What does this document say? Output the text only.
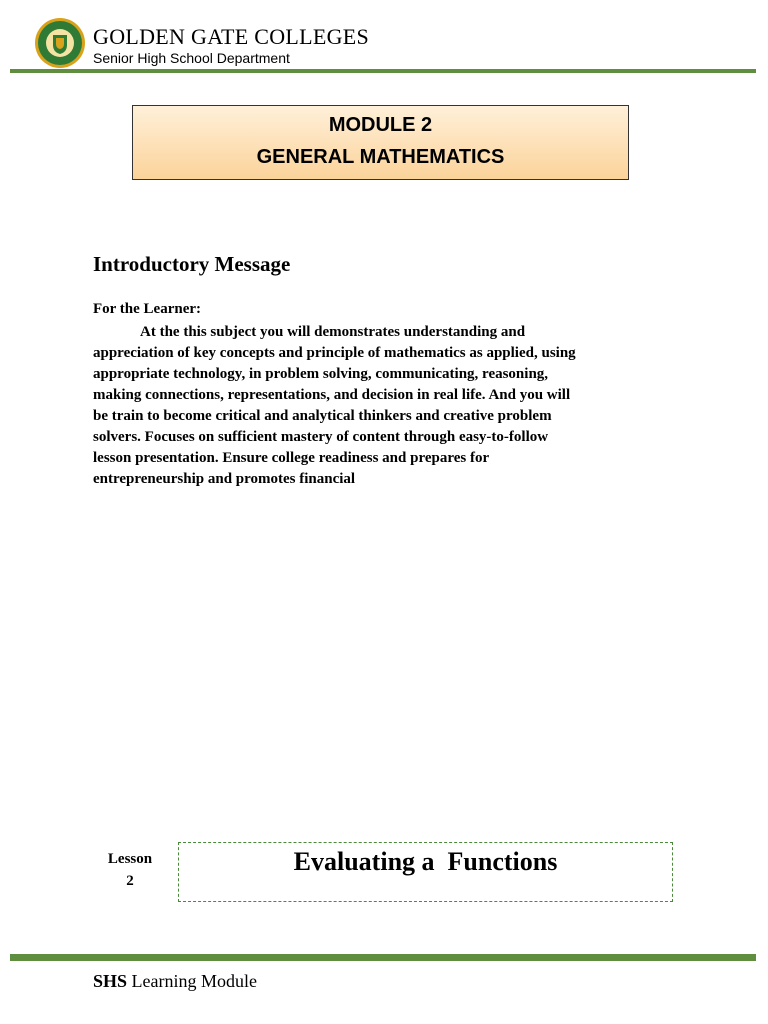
GOLDEN GATE COLLEGES
Senior High School Department
MODULE 2
GENERAL MATHEMATICS
Introductory Message
For the Learner:
At the this subject you will demonstrates understanding and
appreciation of key concepts and principle of mathematics as applied, using
appropriate technology, in problem solving, communicating, reasoning,
making connections, representations, and decision in real life. And you will
be train to become critical and analytical thinkers and creative problem
solvers. Focuses on sufficient mastery of content through easy-to-follow
lesson presentation. Ensure college readiness and prepares for
entrepreneurship and promotes financial
Lesson
2
Evaluating a  Functions
SHS Learning Module
